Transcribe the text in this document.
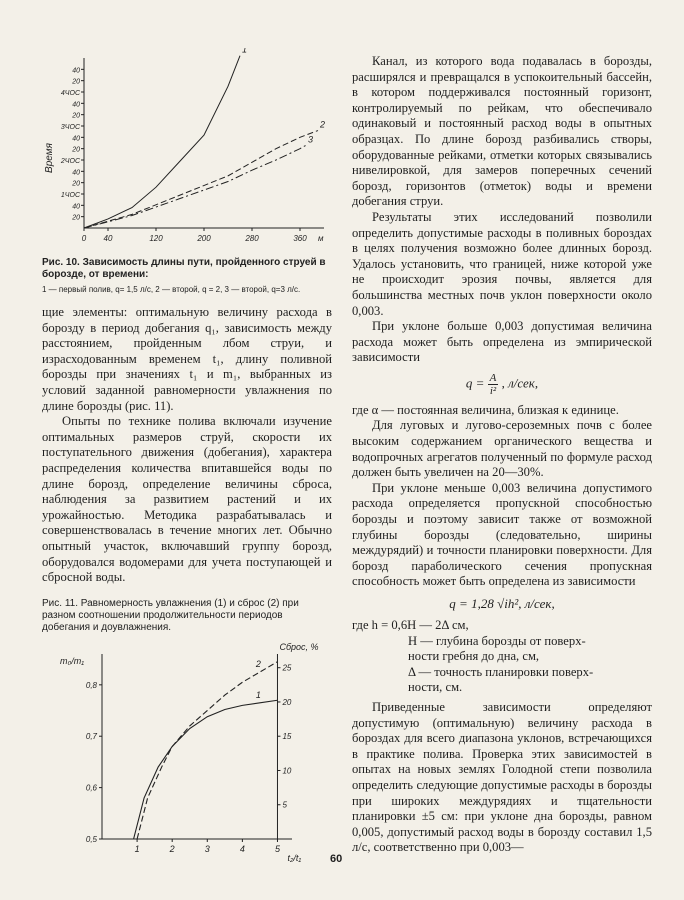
0 40	120	200	280	360 м
40
20
4ЧОС
40
20
3ЧОС
40
20
2ЧОС
40
20
1ЧОС
40
20
Время
1
2
3

Рис. 10. Зависимость длины пути, пройденного струей в борозде, от времени:

1 — первый полив, q= 1,5 л/с, 2 — второй, q = 2, 3 — вторoй, q=3 л/с.

щие элементы: оптимальную величину расхода в борозду в период добегания q₁, зависимость между расстоянием, пройденным лбом струи, и израсходованным временем t₁, длину поливной борозды при значениях t₁ и m₁, выбранных из условий заданной равномерности увлажнения по длине борозды (рис. 11).

Опыты по технике полива включали изучение оптимальных размеров струй, скорости их поступательного движения (добегания), характера распределения количества впитавшейся воды по длине борозд, определение величины сброса, наблюдения за развитием растений и их урожайностью. Методика разрабатывалась и совершенствовалась в течение многих лет. Обычно опытный участок, включавший группу борозд, оборудовался водомерами для учета поступающей и сбросной воды.

Рис. 11. Равномерность увлажнения (1) и сброс (2) при разном соотношении продолжительности периодов добегания и доувлажнения.

1	2	3	4	5
t₂/t₁
0,8
0,7
0,6
0,5
m₀/m₁
25
20
15
10
5
Сброс, %
1
2

Канал, из которого вода подавалась в борозды, расширялся и превращался в успокоительный бассейн, в котором поддерживался постоянный горизонт, контролируемый по рейкам, что обеспечивало одинаковый и постоянный расход воды в опытных образцах. По длине борозд разбивались створы, оборудованные рейками, отметки которых связывались нивелировкой, для замеров поперечных сечений борозд, горизонтов (отметок) воды и времени добегания струи.

Результаты этих исследований позволили определить допустимые расходы в поливных бороздах в целях получения возможно более длинных борозд. Удалось установить, что границей, ниже которой уже не происходит эрозия почвы, является для большинства местных почв уклон поверхности около 0,003.

При уклоне больше 0,003 допустимая величина расхода может быть определена из эмпирической зависимости

$q = \frac{A}{\text{i²}}$ , л/сек,

где α — постоянная величина, близкая к единице.

Для луговых и лугово-сероземных почв с более высоким содержанием органического вещества и водопрочных агрегатов полученный по формуле расход должен быть увеличен на 20—30%.

При уклоне меньше 0,003 величина допустимого расхода определяется пропускной способностью борозды и поэтому зависит также от возможной глубины борозды (следовательно, ширины междурядий) и точности планировки поверхности. Для борозд параболического сечения пропускная способность может быть определена из зависимости

q = 1,28 √ih², л/сек,
где h = 0,6H — 2Δ см,
H — глубина борозды от поверх-
ности гребня до дна, см,
Δ — точность планировки поверх-
ности, см.

Приведенные зависимости определяют допустимую (оптимальную) величину расхода в бороздах для всего диапазона уклонов, встречающихся в практике полива. Проверка этих зависимостей в опытах на новых землях Голодной степи позволила определить следующие допустимые расходы в борозды при широких междурядиях и тщательности планировки ±5 см: при уклоне дна борозды, равном 0,005, допустимый расход воды в борозду составил 1,5 л/с, соответственно при 0,003—

60
